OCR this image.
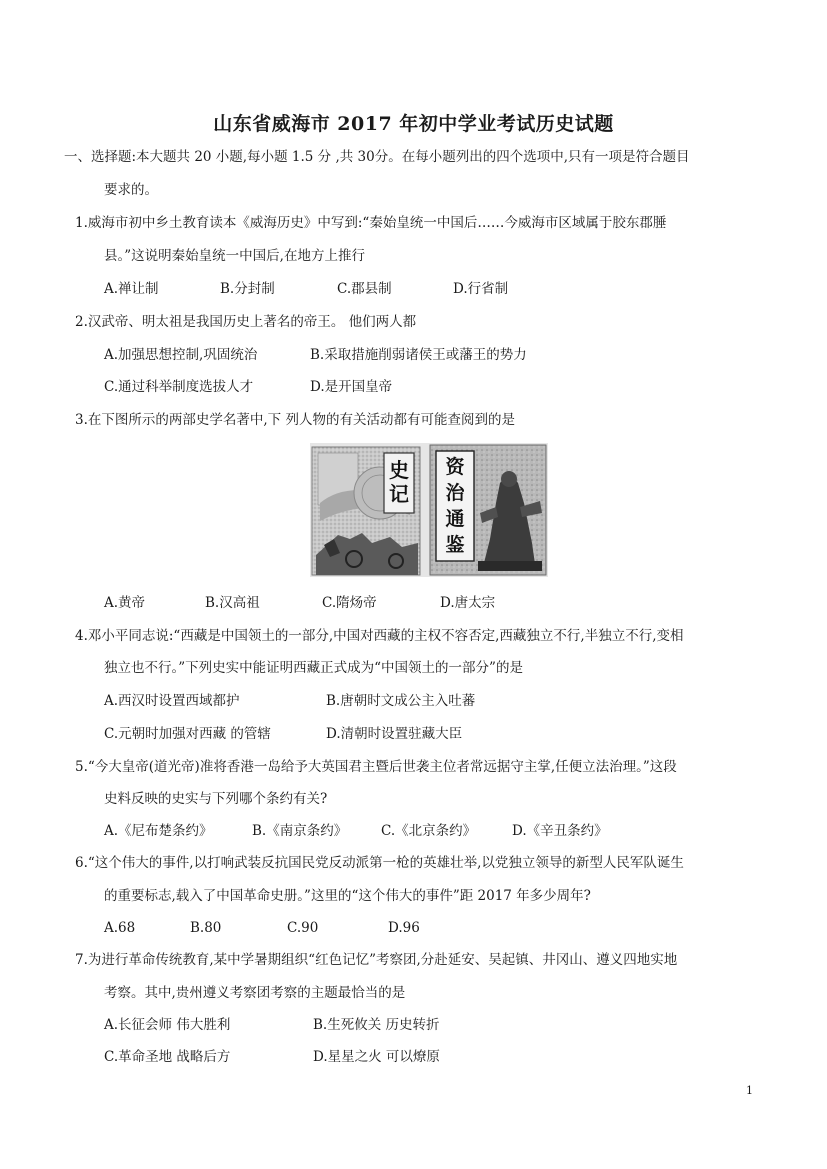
山东省威海市 2017 年初中学业考试历史试题
一、选择题:本大题共 20 小题,每小题 1.5 分 ,共 30分。在每小题列出的四个选项中,只有一项是符合题目
要求的。
1.威海市初中乡土教育读本《威海历史》中写到:“秦始皇统一中国后……今威海市区域属于胶东郡腄
县。”这说明秦始皇统一中国后,在地方上推行
A.禅让制	B.分封制	C.郡县制	D.行省制
2.汉武帝、明太祖是我国历史上著名的帝王。 他们两人都
A.加强思想控制,巩固统治	B.采取措施削弱诸侯王或藩王的势力
C.通过科举制度选拔人才	D.是开国皇帝
3.在下图所示的两部史学名著中,下 列人物的有关活动都有可能查阅到的是
史
记
资
治
通
鉴
A.黄帝	B.汉高祖	C.隋炀帝	D.唐太宗
4.邓小平同志说:“西藏是中国领土的一部分,中国对西藏的主权不容否定,西藏独立不行,半独立不行,变相
独立也不行。”下列史实中能证明西藏正式成为“中国领土的一部分”的是
A.西汉时设置西域都护	B.唐朝时文成公主入吐蕃
C.元朝时加强对西藏 的管辖	D.清朝时设置驻藏大臣
5.“今大皇帝(道光帝)准将香港一岛给予大英国君主暨后世袭主位者常远据守主掌,任便立法治理。”这段
史料反映的史实与下列哪个条约有关?
A.《尼布楚条约》	B.《南京条约》	C.《北京条约》	D.《辛丑条约》
6.“这个伟大的事件,以打响武装反抗国民党反动派第一枪的英雄壮举,以党独立领导的新型人民军队诞生
的重要标志,载入了中国革命史册。”这里的“这个伟大的事件”距 2017 年多少周年?
A.68	B.80	C.90	D.96
7.为进行革命传统教育,某中学暑期组织“红色记忆”考察团,分赴延安、吴起镇、井冈山、遵义四地实地
考察。其中,贵州遵义考察团考察的主题最恰当的是
A.长征会师 伟大胜利	B.生死攸关 历史转折
C.革命圣地 战略后方	D.星星之火 可以燎原
1
